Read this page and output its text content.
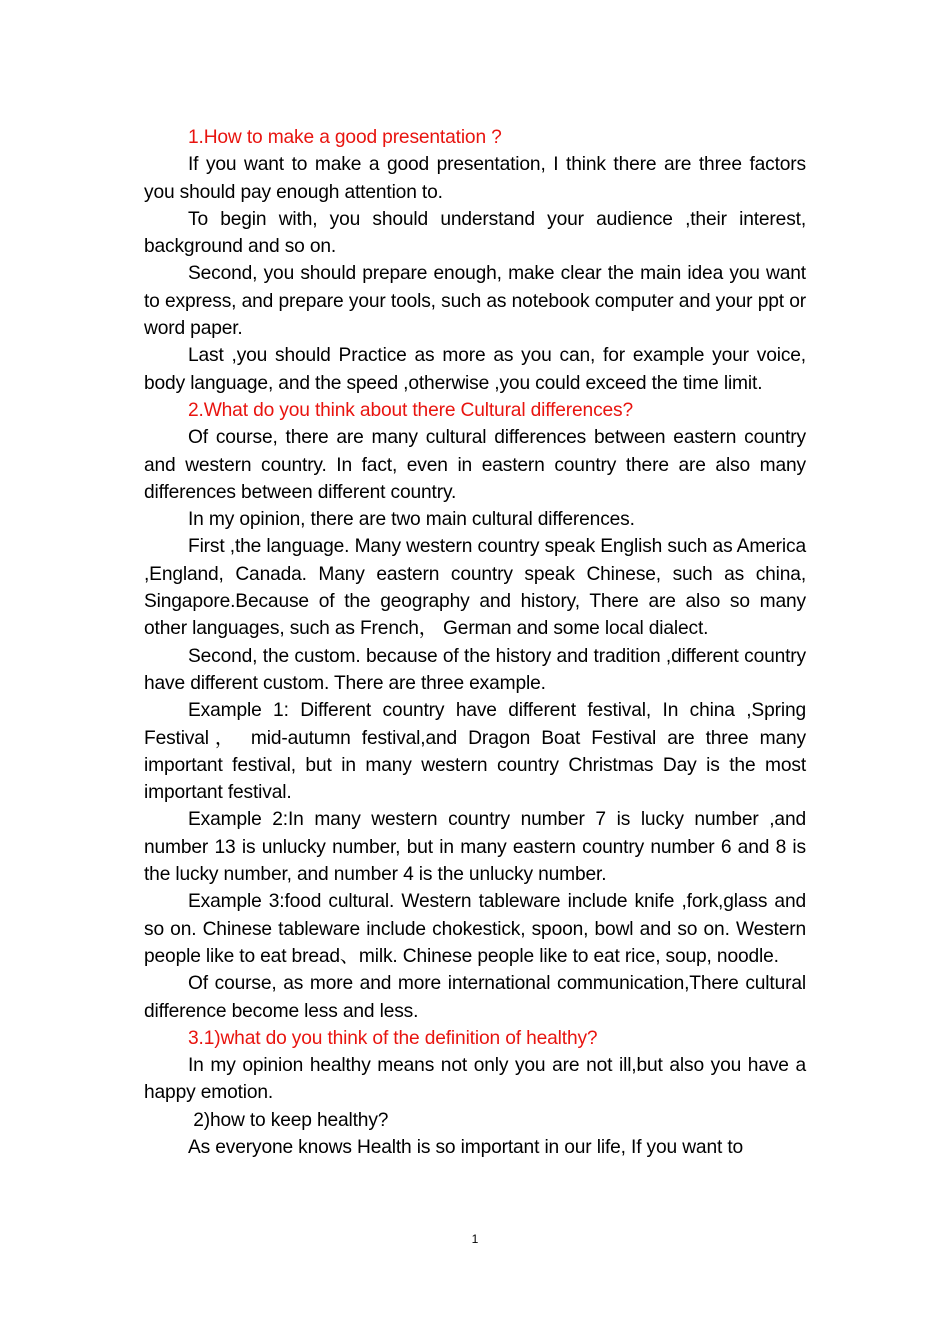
1.How to make a good presentation ?

If you want to make a good presentation, I think there are three factors you should pay enough attention to.

To begin with, you should understand your audience ,their interest, background and so on.

Second, you should prepare enough, make clear the main idea you want to express, and prepare your tools, such as notebook computer and your ppt or word paper.

Last ,you should Practice as more as you can, for example your voice, body language, and the speed ,otherwise ,you could exceed the time limit.

2.What do you think about there Cultural differences?

Of course, there are many cultural differences between eastern country and western country. In fact, even in eastern country there are also many differences between different country.

In my opinion, there are two main cultural differences.

First ,the language. Many western country speak English such as America ,England, Canada. Many eastern country speak Chinese, such as china, Singapore.Because of the geography and history, There are also so many other languages, such as French， German and some local dialect.

Second, the custom. because of the history and tradition ,different country have different custom. There are three example.

Example 1: Different country have different festival, In china ,Spring Festival， mid-autumn festival,and Dragon Boat Festival are three many important festival, but in many western country Christmas Day is the most important festival.

Example 2:In many western country number 7 is lucky number ,and number 13 is unlucky number, but in many eastern country number 6 and 8 is the lucky number, and number 4 is the unlucky number.

Example 3:food cultural. Western tableware include knife ,fork,glass and so on. Chinese tableware include chokestick, spoon, bowl and so on. Western people like to eat bread、milk. Chinese people like to eat rice, soup, noodle.

Of course, as more and more international communication,There cultural difference become less and less.

3.1)what do you think of the definition of healthy?

In my opinion healthy means not only you are not ill,but also you have a happy emotion.

2)how to keep healthy?

As everyone knows Health is so important in our life, If you want to

1
